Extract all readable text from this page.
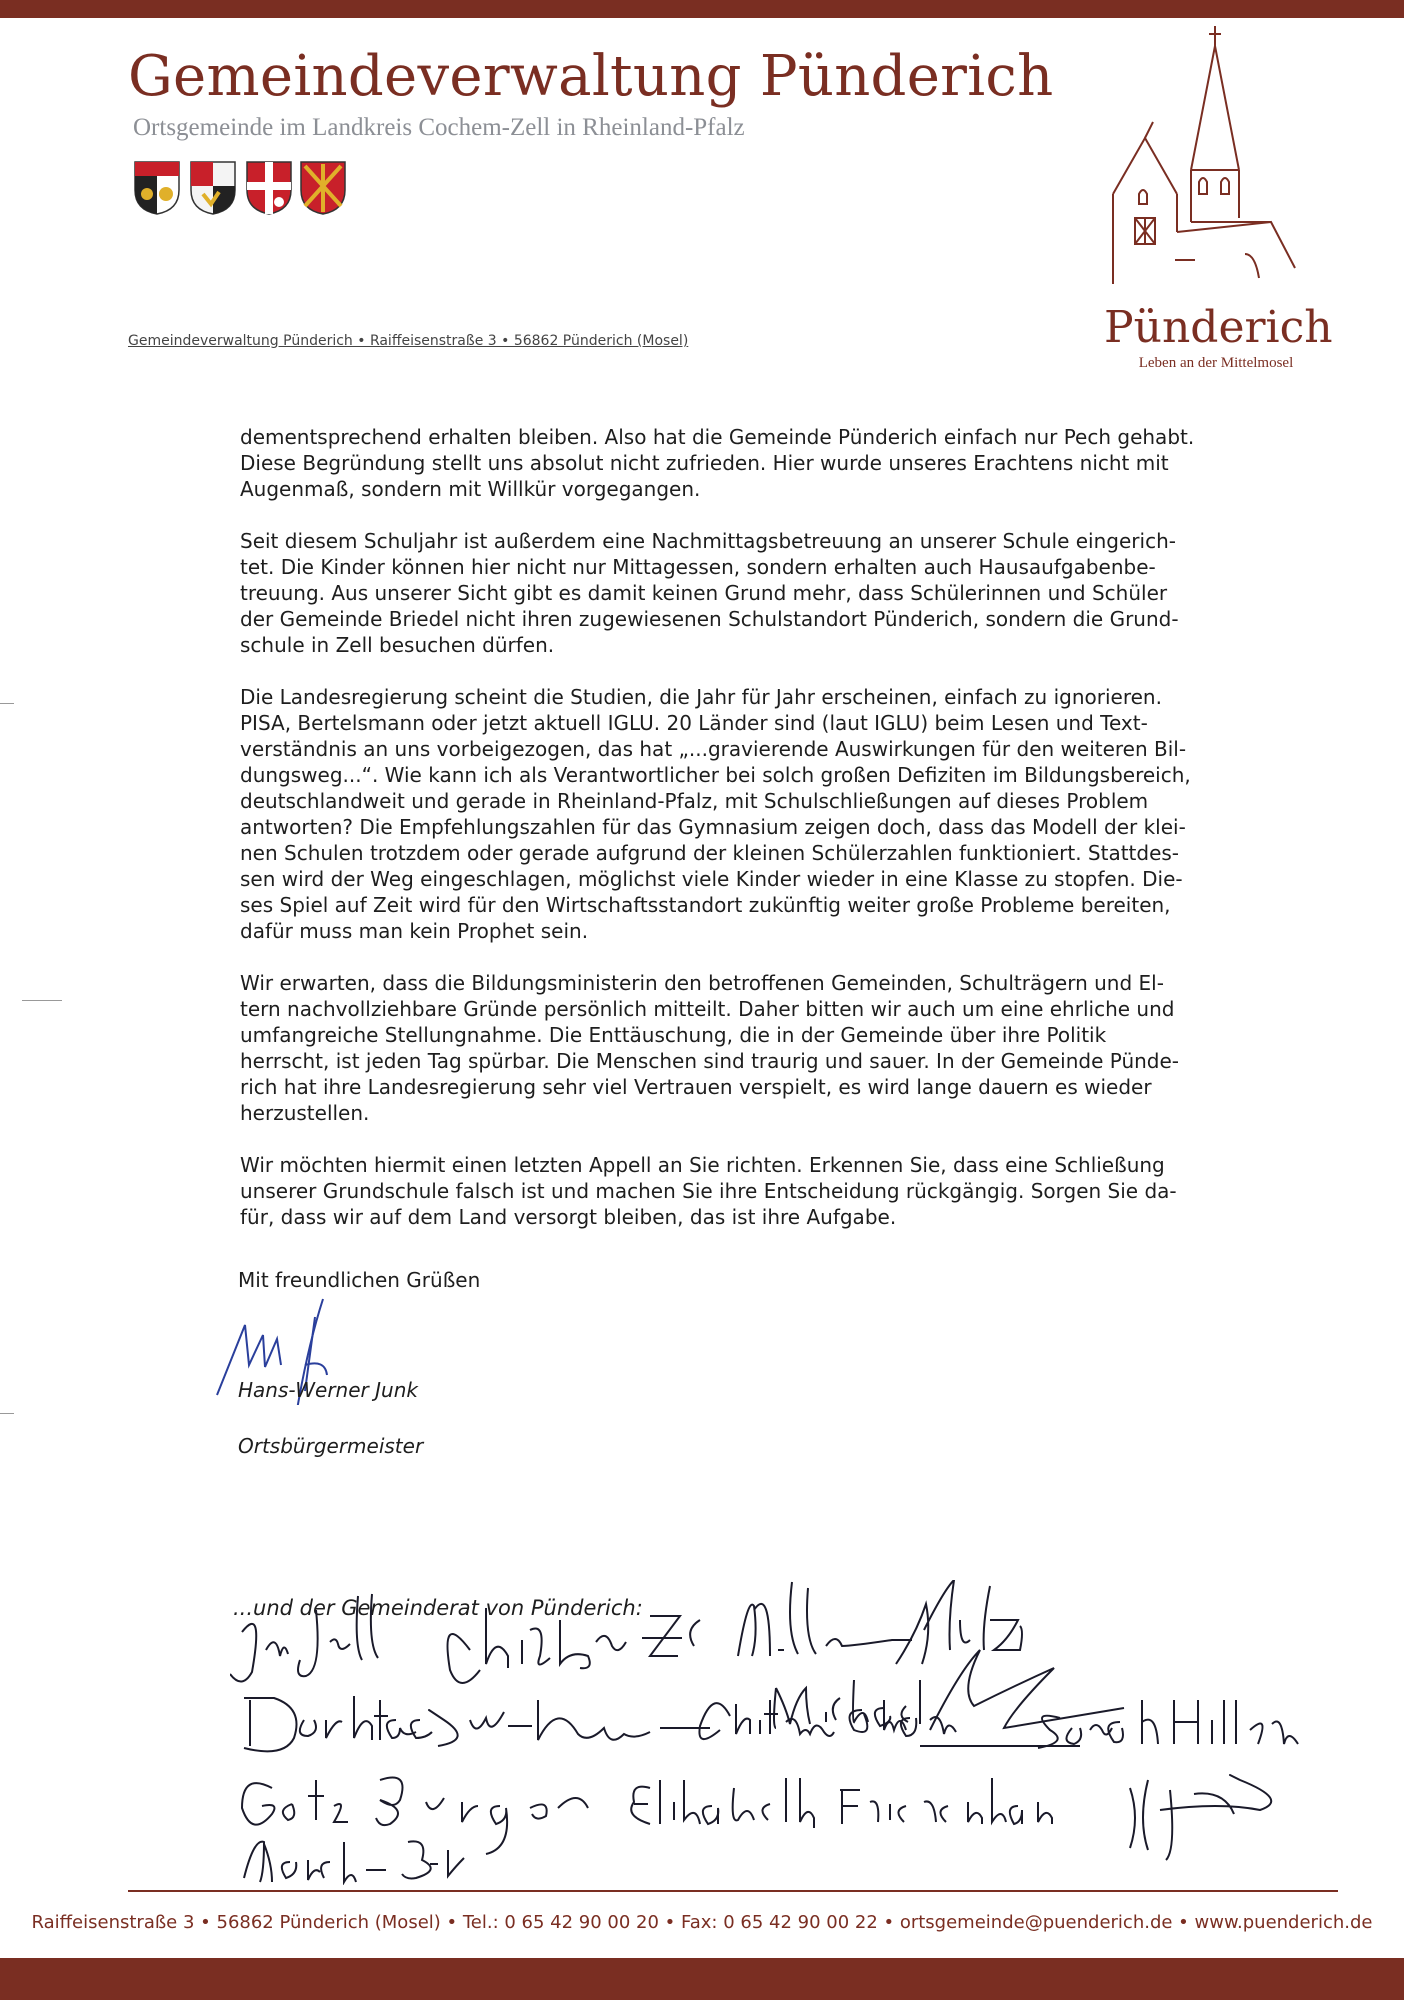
Gemeindeverwaltung Pünderich
Ortsgemeinde im Landkreis Cochem-Zell in Rheinland-Pfalz
Gemeindeverwaltung Pünderich • Raiffeisenstraße 3 • 56862 Pünderich (Mosel)	Pünderich
Leben an der Mittelmosel

dementsprechend erhalten bleiben. Also hat die Gemeinde Pünderich einfach nur Pech gehabt.
Diese Begründung stellt uns absolut nicht zufrieden. Hier wurde unseres Erachtens nicht mit
Augenmaß, sondern mit Willkür vorgegangen.

Seit diesem Schuljahr ist außerdem eine Nachmittagsbetreuung an unserer Schule eingerich-
tet. Die Kinder können hier nicht nur Mittagessen, sondern erhalten auch Hausaufgabenbe-
treuung. Aus unserer Sicht gibt es damit keinen Grund mehr, dass Schülerinnen und Schüler
der Gemeinde Briedel nicht ihren zugewiesenen Schulstandort Pünderich, sondern die Grund-
schule in Zell besuchen dürfen.

Die Landesregierung scheint die Studien, die Jahr für Jahr erscheinen, einfach zu ignorieren.
PISA, Bertelsmann oder jetzt aktuell IGLU. 20 Länder sind (laut IGLU) beim Lesen und Text-
verständnis an uns vorbeigezogen, das hat „...gravierende Auswirkungen für den weiteren Bil-
dungsweg...“. Wie kann ich als Verantwortlicher bei solch großen Defiziten im Bildungsbereich,
deutschlandweit und gerade in Rheinland-Pfalz, mit Schulschließungen auf dieses Problem
antworten? Die Empfehlungszahlen für das Gymnasium zeigen doch, dass das Modell der klei-
nen Schulen trotzdem oder gerade aufgrund der kleinen Schülerzahlen funktioniert. Stattdes-
sen wird der Weg eingeschlagen, möglichst viele Kinder wieder in eine Klasse zu stopfen. Die-
ses Spiel auf Zeit wird für den Wirtschaftsstandort zukünftig weiter große Probleme bereiten,
dafür muss man kein Prophet sein.

Wir erwarten, dass die Bildungsministerin den betroffenen Gemeinden, Schulträgern und El-
tern nachvollziehbare Gründe persönlich mitteilt. Daher bitten wir auch um eine ehrliche und
umfangreiche Stellungnahme. Die Enttäuschung, die in der Gemeinde über ihre Politik
herrscht, ist jeden Tag spürbar. Die Menschen sind traurig und sauer. In der Gemeinde Pünde-
rich hat ihre Landesregierung sehr viel Vertrauen verspielt, es wird lange dauern es wieder
herzustellen.

Wir möchten hiermit einen letzten Appell an Sie richten. Erkennen Sie, dass eine Schließung
unserer Grundschule falsch ist und machen Sie ihre Entscheidung rückgängig. Sorgen Sie da-
für, dass wir auf dem Land versorgt bleiben, das ist ihre Aufgabe.

Mit freundlichen Grüßen
Hans-Werner Junk
Ortsbürgermeister
...und der Gemeinderat von Pünderich:
Raiffeisenstraße 3 • 56862 Pünderich (Mosel) • Tel.: 0 65 42 90 00 20 • Fax: 0 65 42 90 00 22 • ortsgemeinde@puenderich.de • www.puenderich.de
